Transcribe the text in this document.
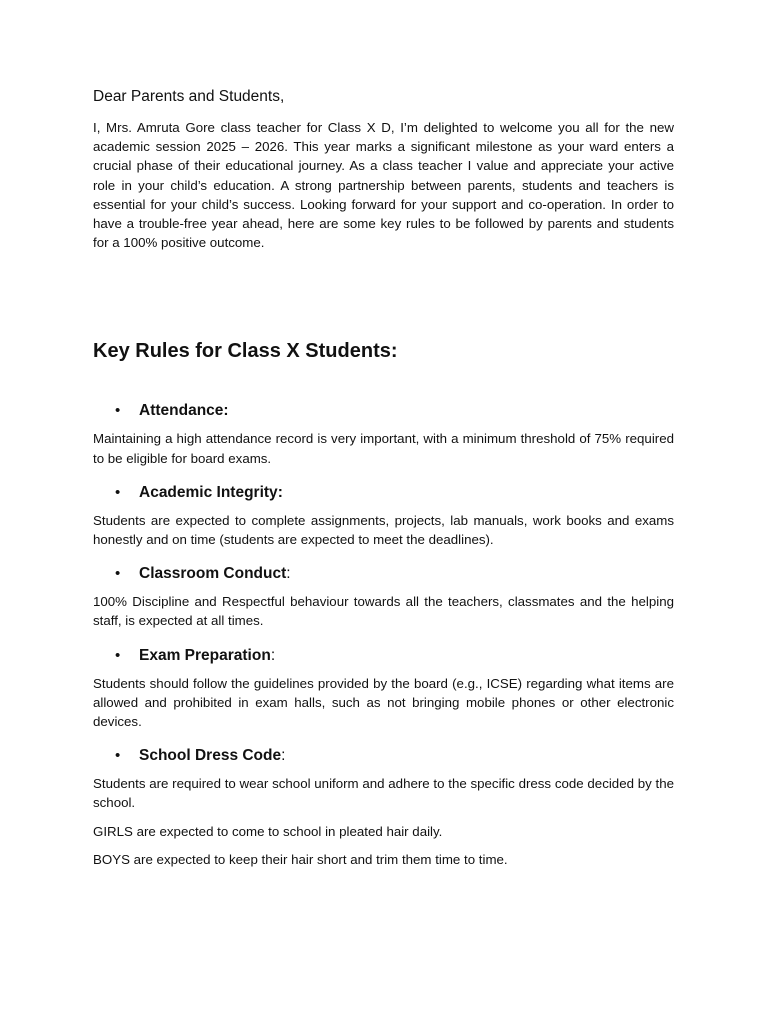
Dear Parents and Students,

I, Mrs. Amruta Gore class teacher for Class X D, I’m delighted to welcome you all for the new academic session 2025 – 2026. This year marks a significant milestone as your ward enters a crucial phase of their educational journey. As a class teacher I value and appreciate your active role in your child’s education. A strong partnership between parents, students and teachers is essential for your child’s success. Looking forward for your support and co-operation. In order to have a trouble-free year ahead, here are some key rules to be followed by parents and students for a 100% positive outcome.

Key Rules for Class X Students:

• Attendance:

Maintaining a high attendance record is very important, with a minimum threshold of 75% required to be eligible for board exams.

• Academic Integrity:

Students are expected to complete assignments, projects, lab manuals, work books and exams honestly and on time (students are expected to meet the deadlines).

• Classroom Conduct:

100% Discipline and Respectful behaviour towards all the teachers, classmates and the helping staff, is expected at all times.

• Exam Preparation:

Students should follow the guidelines provided by the board (e.g., ICSE) regarding what items are allowed and prohibited in exam halls, such as not bringing mobile phones or other electronic devices.

• School Dress Code:

Students are required to wear school uniform and adhere to the specific dress code decided by the school.

GIRLS are expected to come to school in pleated hair daily.

BOYS are expected to keep their hair short and trim them time to time.
